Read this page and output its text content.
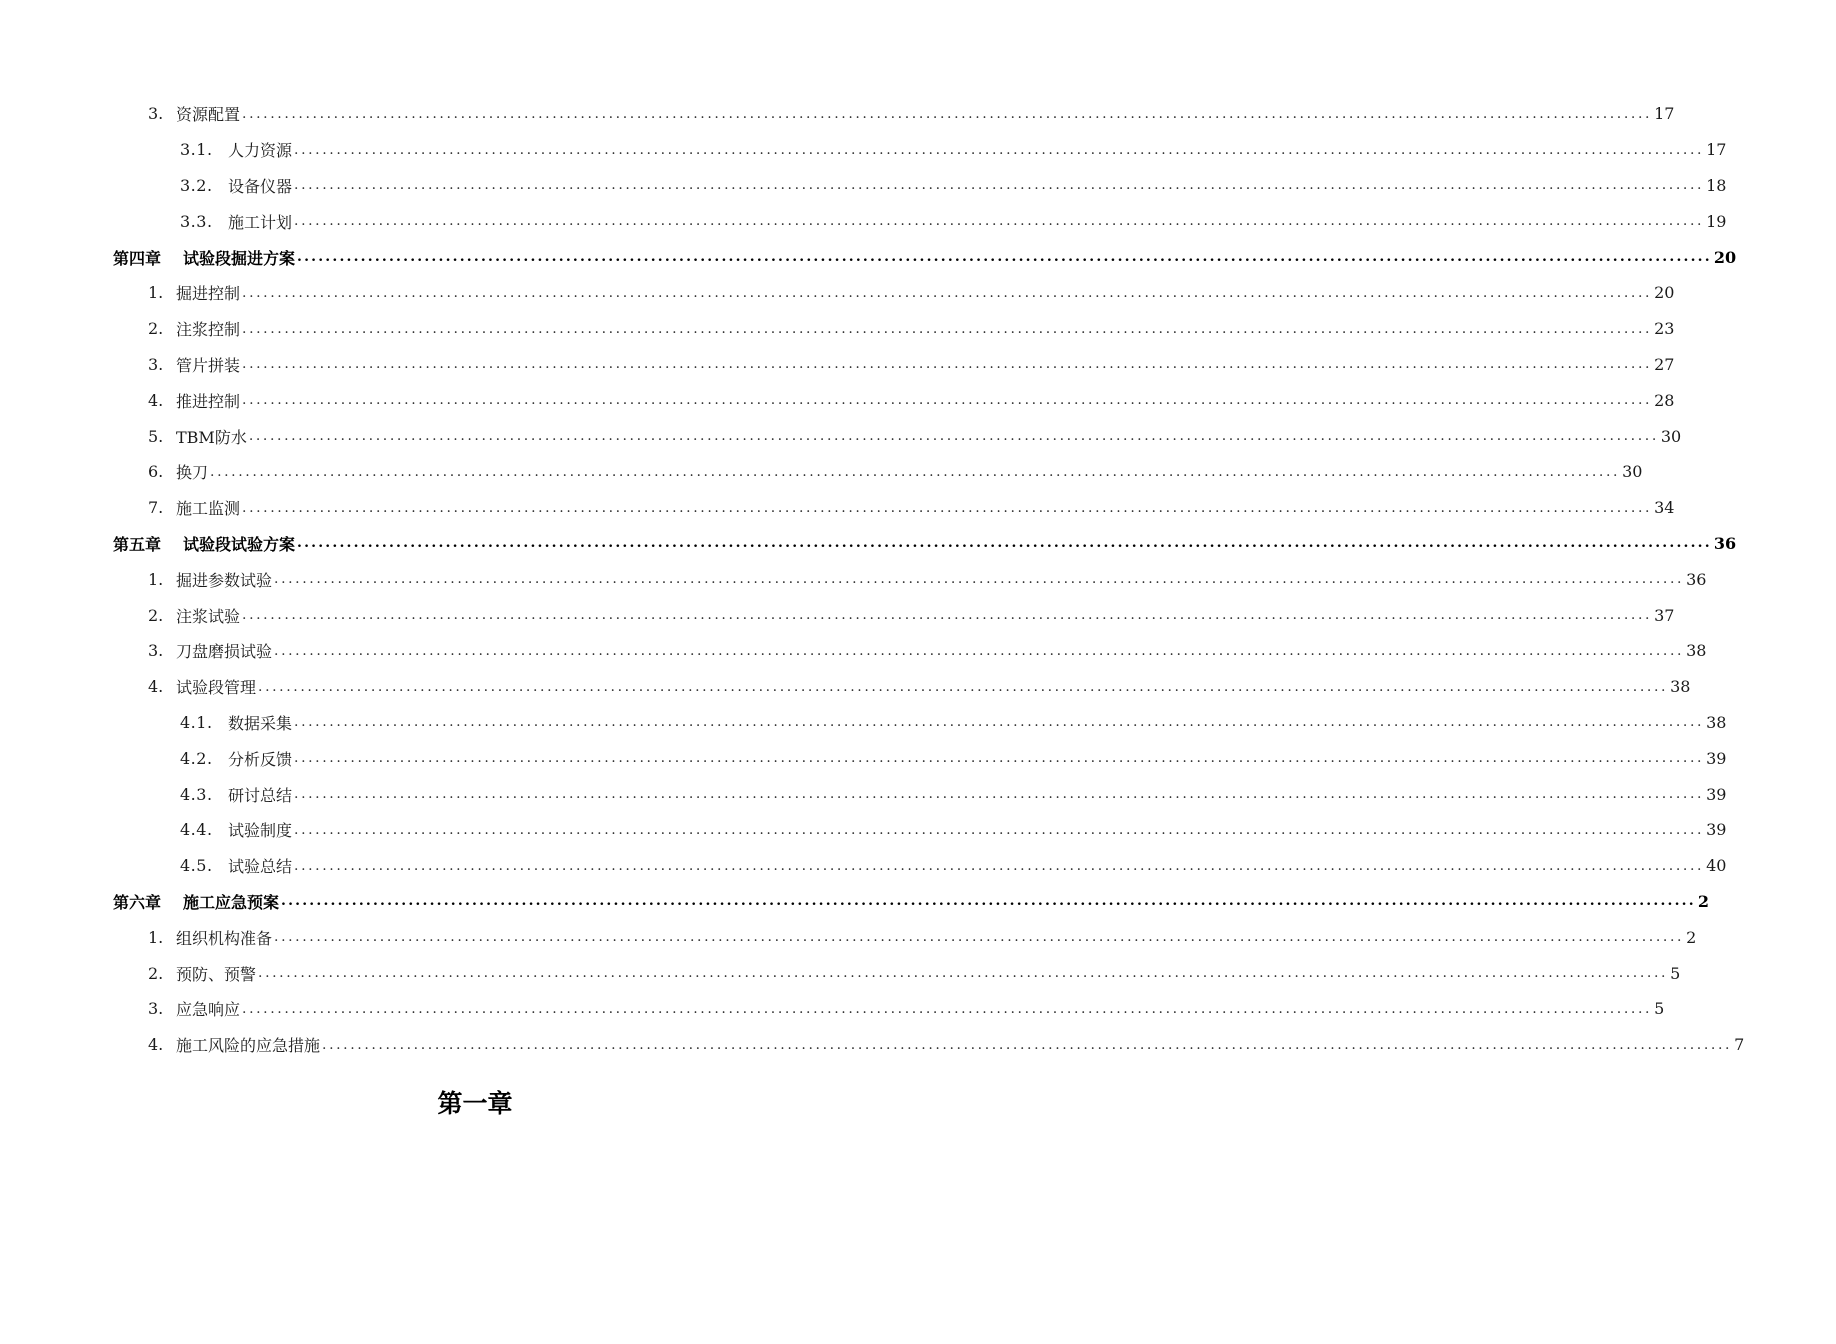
3. 资源配置 ........................................................................................................................................................................................................ 17
3.1. 人力资源 ........................................................................................................................................................................................................ 17
3.2. 设备仪器 ........................................................................................................................................................................................................ 18
3.3. 施工计划 ........................................................................................................................................................................................................ 19
第四章	试验段掘进方案 ........................................................................................................................................................................................................ 20
1. 掘进控制 ........................................................................................................................................................................................................ 20
2. 注浆控制 ........................................................................................................................................................................................................ 23
3. 管片拼装 ........................................................................................................................................................................................................ 27
4. 推进控制 ........................................................................................................................................................................................................ 28
5. TBM防水 ........................................................................................................................................................................................................ 30
6. 换刀 ........................................................................................................................................................................................................ 30
7. 施工监测 ........................................................................................................................................................................................................ 34
第五章	试验段试验方案 ........................................................................................................................................................................................................ 36
1. 掘进参数试验 ........................................................................................................................................................................................................ 36
2. 注浆试验 ........................................................................................................................................................................................................ 37
3. 刀盘磨损试验 ........................................................................................................................................................................................................ 38
4. 试验段管理 ........................................................................................................................................................................................................ 38
4.1. 数据采集 ........................................................................................................................................................................................................ 38
4.2. 分析反馈 ........................................................................................................................................................................................................ 39
4.3. 研讨总结 ........................................................................................................................................................................................................ 39
4.4. 试验制度 ........................................................................................................................................................................................................ 39
4.5. 试验总结 ........................................................................................................................................................................................................ 40
第六章	施工应急预案 ........................................................................................................................................................................................................ 2
1. 组织机构准备 ........................................................................................................................................................................................................ 2
2. 预防、预警 ........................................................................................................................................................................................................ 5
3. 应急响应 ........................................................................................................................................................................................................ 5
4. 施工风险的应急措施 ........................................................................................................................................................................................................ 7
第一章
